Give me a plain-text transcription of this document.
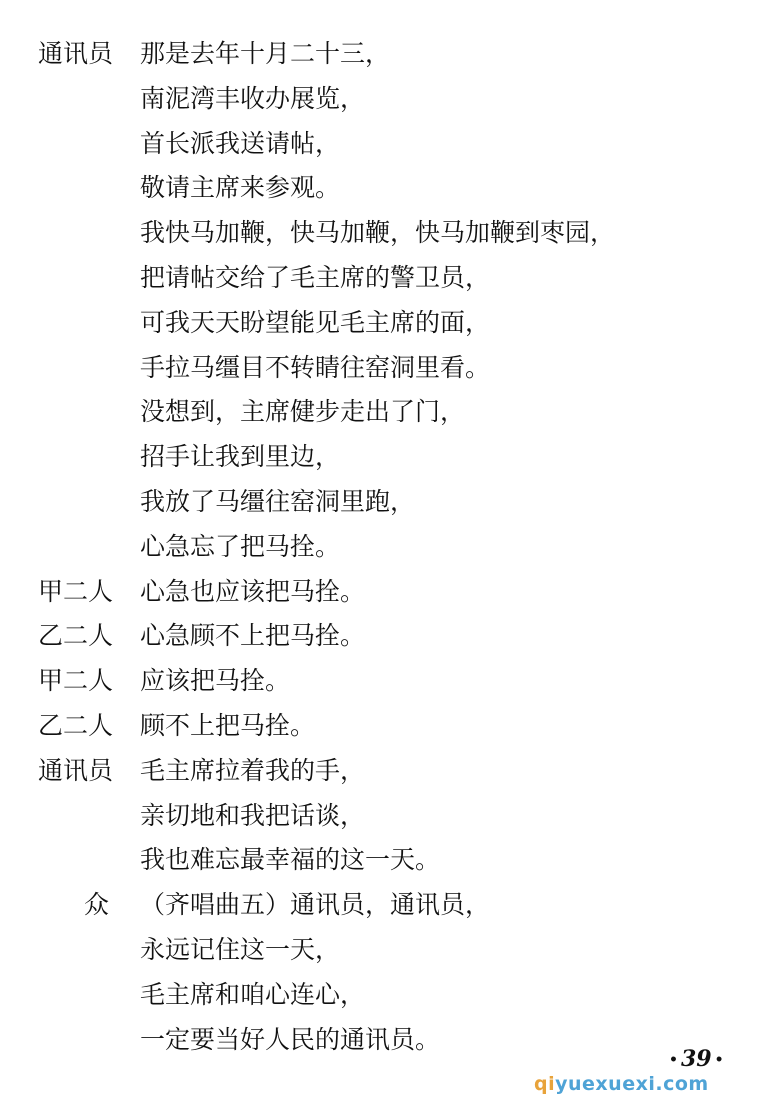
通讯员 那是去年十月二十三，
南泥湾丰收办展览，
首长派我送请帖，
敬请主席来参观。
我快马加鞭，快马加鞭，快马加鞭到枣园，
把请帖交给了毛主席的警卫员，
可我天天盼望能见毛主席的面，
手拉马缰目不转睛往窑洞里看。
没想到，主席健步走出了门，
招手让我到里边，
我放了马缰往窑洞里跑，
心急忘了把马拴。
甲二人 心急也应该把马拴。
乙二人 心急顾不上把马拴。
甲二人 应该把马拴。
乙二人 顾不上把马拴。
通讯员 毛主席拉着我的手，
亲切地和我把话谈，
我也难忘最幸福的这一天。
众 （齐唱曲五）通讯员，通讯员，
永远记住这一天，
毛主席和咱心连心，
一定要当好人民的通讯员。
• 39 •
qiyuexuexi.com
